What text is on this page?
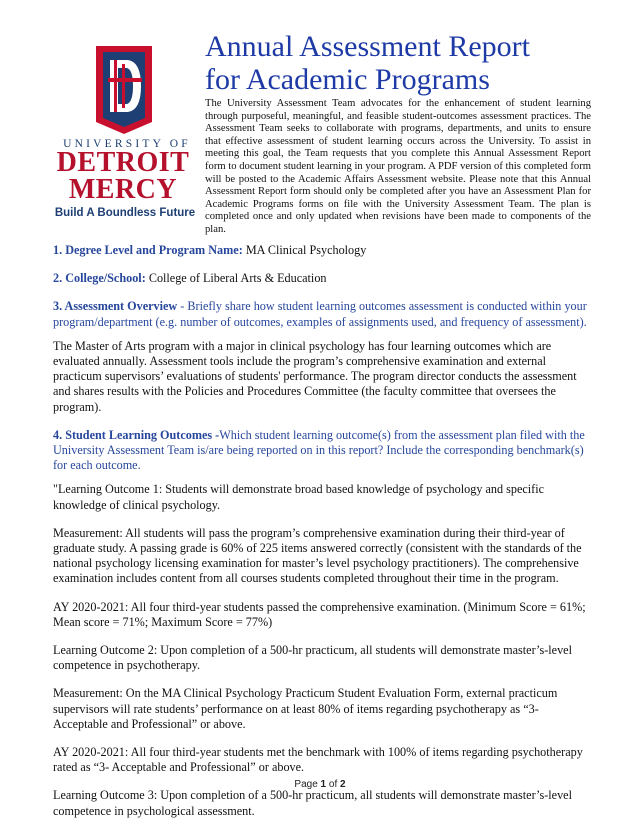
UNIVERSITY OF
DETROIT
MERCY
Build A Boundless Future
Annual Assessment Report
for Academic Programs
The University Assessment Team advocates for the enhancement of student learning through purposeful, meaningful, and feasible student-outcomes assessment practices. The Assessment Team seeks to collaborate with programs, departments, and units to ensure that effective assessment of student learning occurs across the University. To assist in meeting this goal, the Team requests that you complete this Annual Assessment Report form to document student learning in your program. A PDF version of this completed form will be posted to the Academic Affairs Assessment website. Please note that this Annual Assessment Report form should only be completed after you have an Assessment Plan for Academic Programs forms on file with the University Assessment Team. The plan is completed once and only updated when revisions have been made to components of the plan.
1. Degree Level and Program Name: MA Clinical Psychology
2. College/School: College of Liberal Arts & Education
3. Assessment Overview - Briefly share how student learning outcomes assessment is conducted within your program/department (e.g. number of outcomes, examples of assignments used, and frequency of assessment).
The Master of Arts program with a major in clinical psychology has four learning outcomes which are evaluated annually. Assessment tools include the program’s comprehensive examination and external practicum supervisors’ evaluations of students' performance. The program director conducts the assessment and shares results with the Policies and Procedures Committee (the faculty committee that oversees the program).
4. Student Learning Outcomes -Which student learning outcome(s) from the assessment plan filed with the University Assessment Team is/are being reported on in this report? Include the corresponding benchmark(s) for each outcome.
"Learning Outcome 1: Students will demonstrate broad based knowledge of psychology and specific knowledge of clinical psychology.
Measurement: All students will pass the program’s comprehensive examination during their third-year of graduate study. A passing grade is 60% of 225 items answered correctly (consistent with the standards of the national psychology licensing examination for master’s level psychology practitioners). The comprehensive examination includes content from all courses students completed throughout their time in the program.
AY 2020-2021: All four third-year students passed the comprehensive examination. (Minimum Score = 61%; Mean score = 71%; Maximum Score = 77%)
Learning Outcome 2: Upon completion of a 500-hr practicum, all students will demonstrate master’s-level competence in psychotherapy.
Measurement: On the MA Clinical Psychology Practicum Student Evaluation Form, external practicum supervisors will rate students’ performance on at least 80% of items regarding psychotherapy as “3- Acceptable and Professional” or above.
AY 2020-2021: All four third-year students met the benchmark with 100% of items regarding psychotherapy rated as “3- Acceptable and Professional” or above.
Learning Outcome 3: Upon completion of a 500-hr practicum, all students will demonstrate master’s-level competence in psychological assessment.
Page 1 of 2
